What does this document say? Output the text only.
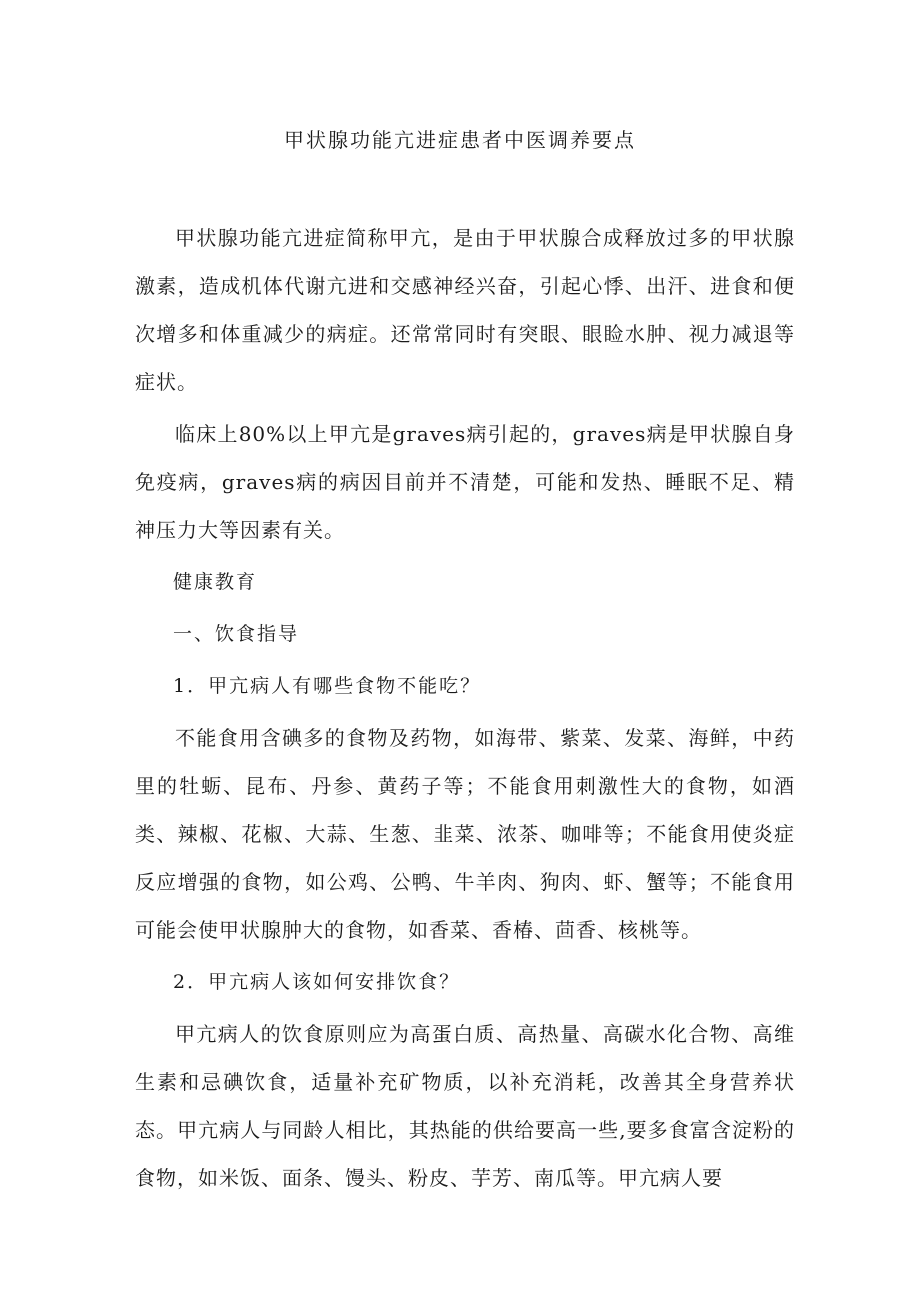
甲状腺功能亢进症患者中医调养要点

甲状腺功能亢进症简称甲亢，是由于甲状腺合成释放过多的甲状腺激素，造成机体代谢亢进和交感神经兴奋，引起心悸、出汗、进食和便次增多和体重减少的病症。还常常同时有突眼、眼睑水肿、视力减退等症状。

临床上80%以上甲亢是graves病引起的，graves病是甲状腺自身免疫病，graves病的病因目前并不清楚，可能和发热、睡眠不足、精神压力大等因素有关。

健康教育

一、饮食指导

1．甲亢病人有哪些食物不能吃？

不能食用含碘多的食物及药物，如海带、紫菜、发菜、海鲜，中药里的牡蛎、昆布、丹参、黄药子等；不能食用刺激性大的食物，如酒类、辣椒、花椒、大蒜、生葱、韭菜、浓茶、咖啡等；不能食用使炎症反应增强的食物，如公鸡、公鸭、牛羊肉、狗肉、虾、蟹等；不能食用可能会使甲状腺肿大的食物，如香菜、香椿、茴香、核桃等。

2．甲亢病人该如何安排饮食？

甲亢病人的饮食原则应为高蛋白质、高热量、高碳水化合物、高维生素和忌碘饮食，适量补充矿物质，以补充消耗，改善其全身营养状态。甲亢病人与同龄人相比，其热能的供给要高一些,要多食富含淀粉的食物，如米饭、面条、馒头、粉皮、芋芳、南瓜等。甲亢病人要
